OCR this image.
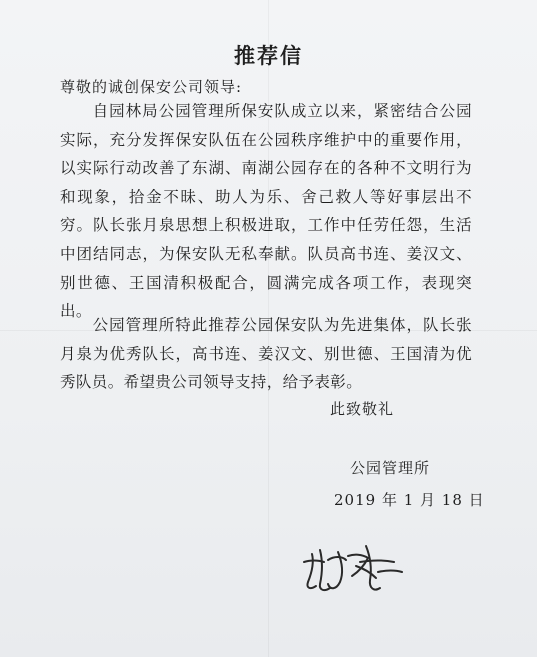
推荐信
尊敬的诚创保安公司领导:
自园林局公园管理所保安队成立以来，紧密结合公园实际，充分发挥保安队伍在公园秩序维护中的重要作用，以实际行动改善了东湖、南湖公园存在的各种不文明行为和现象，拾金不昧、助人为乐、舍己救人等好事层出不穷。队长张月泉思想上积极进取，工作中任劳任怨，生活中团结同志，为保安队无私奉献。队员高书连、姜汉文、别世德、王国清积极配合，圆满完成各项工作，表现突出。
公园管理所特此推荐公园保安队为先进集体，队长张月泉为优秀队长，高书连、姜汉文、别世德、王国清为优秀队员。希望贵公司领导支持，给予表彰。
此致敬礼
公园管理所
2019 年 1 月 18 日
